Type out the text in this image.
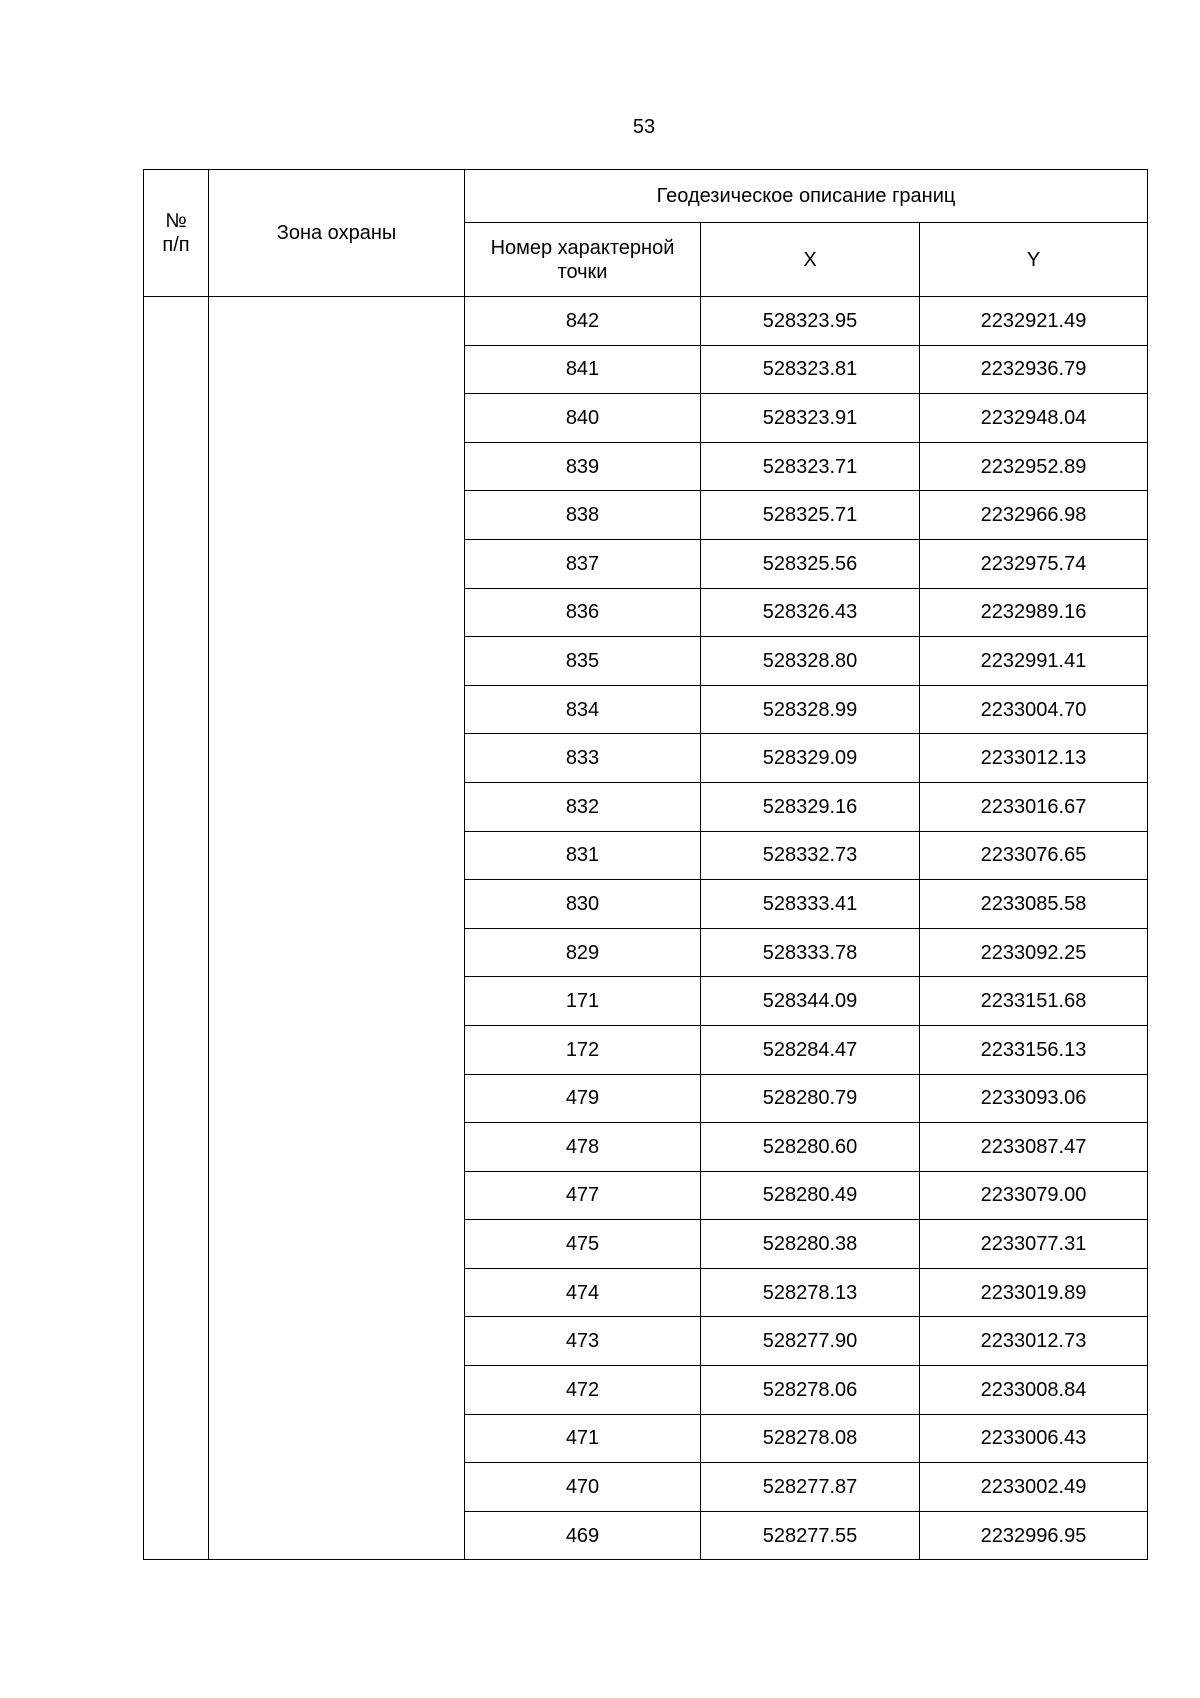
53
№ п/п	Зона охраны	Геодезическое описание границ		
		Номер характерной точки	X	Y
		842	528323.95	2232921.49
		841	528323.81	2232936.79
		840	528323.91	2232948.04
		839	528323.71	2232952.89
		838	528325.71	2232966.98
		837	528325.56	2232975.74
		836	528326.43	2232989.16
		835	528328.80	2232991.41
		834	528328.99	2233004.70
		833	528329.09	2233012.13
		832	528329.16	2233016.67
		831	528332.73	2233076.65
		830	528333.41	2233085.58
		829	528333.78	2233092.25
		171	528344.09	2233151.68
		172	528284.47	2233156.13
		479	528280.79	2233093.06
		478	528280.60	2233087.47
		477	528280.49	2233079.00
		475	528280.38	2233077.31
		474	528278.13	2233019.89
		473	528277.90	2233012.73
		472	528278.06	2233008.84
		471	528278.08	2233006.43
		470	528277.87	2233002.49
		469	528277.55	2232996.95
